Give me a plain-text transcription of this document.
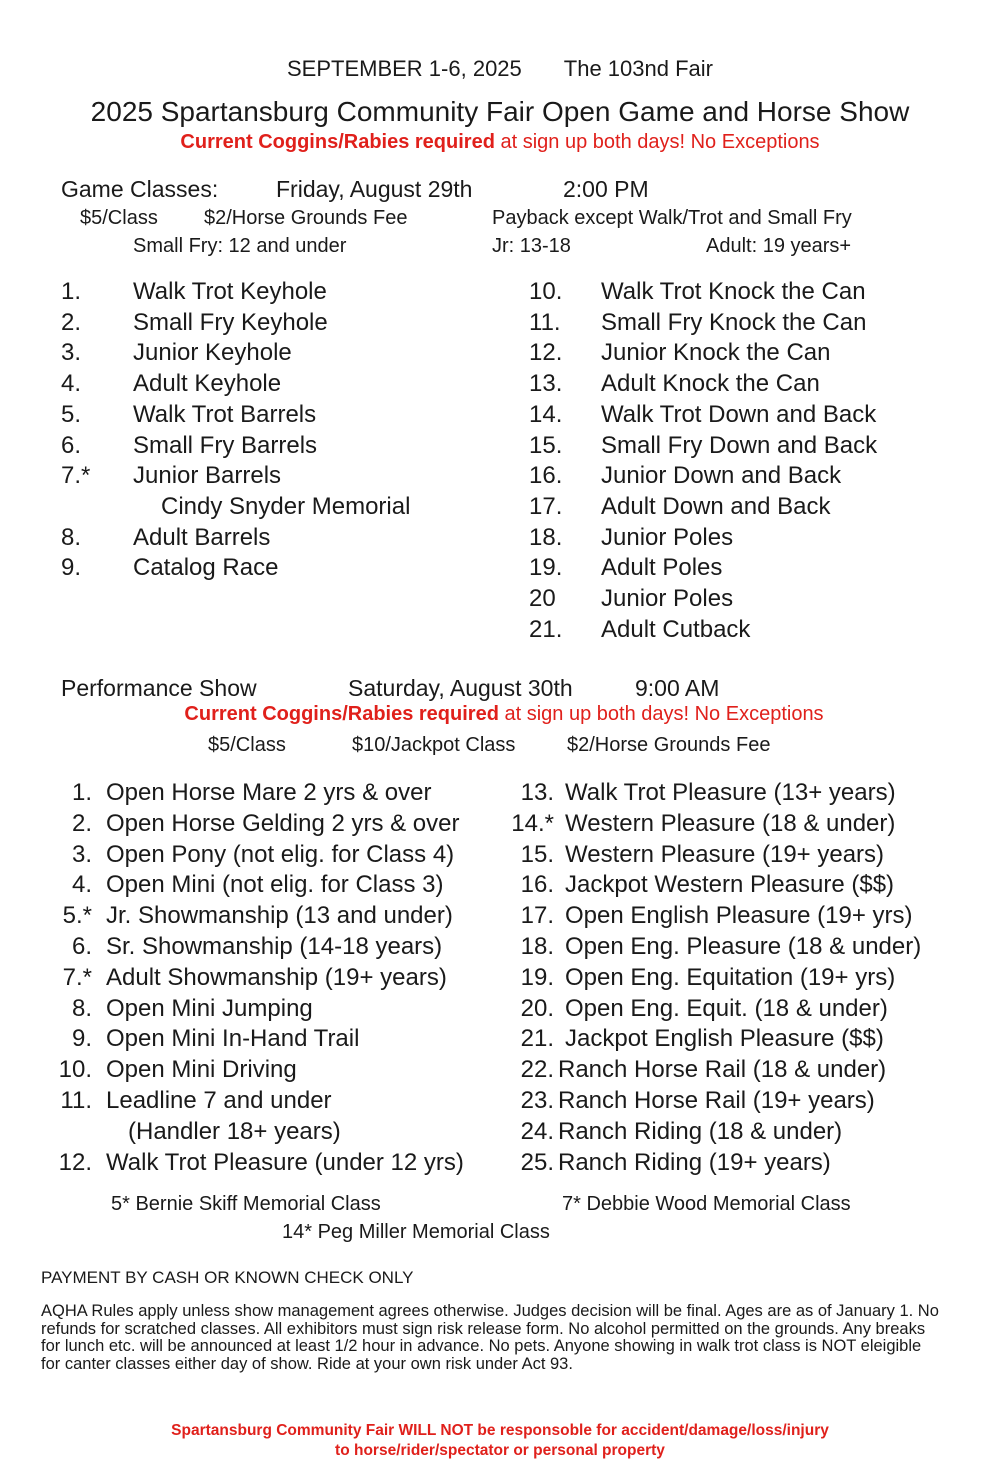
SEPTEMBER 1-6, 2025 The 103nd Fair
2025 Spartansburg Community Fair Open Game and Horse Show
Current Coggins/Rabies required at sign up both days! No Exceptions
Game Classes:	Friday, August 29th	2:00 PM
$5/Class $2/Horse Grounds Fee	Payback except Walk/Trot and Small Fry
Small Fry: 12 and under	Jr: 13-18	Adult: 19 years+
1. Walk Trot Keyhole
2. Small Fry Keyhole
3. Junior Keyhole
4. Adult Keyhole
5. Walk Trot Barrels
6. Small Fry Barrels
7.* Junior Barrels
Cindy Snyder Memorial
8. Adult Barrels
9. Catalog Race
10. Walk Trot Knock the Can
11. Small Fry Knock the Can
12. Junior Knock the Can
13. Adult Knock the Can
14. Walk Trot Down and Back
15. Small Fry Down and Back
16. Junior Down and Back
17. Adult Down and Back
18. Junior Poles
19. Adult Poles
20 Junior Poles
21. Adult Cutback
Performance Show	Saturday, August 30th	9:00 AM
Current Coggins/Rabies required at sign up both days! No Exceptions
$5/Class	$10/Jackpot Class	$2/Horse Grounds Fee
1. Open Horse Mare 2 yrs & over
2. Open Horse Gelding 2 yrs & over
3. Open Pony (not elig. for Class 4)
4. Open Mini (not elig. for Class 3)
5.* Jr. Showmanship (13 and under)
6. Sr. Showmanship (14-18 years)
7.* Adult Showmanship (19+ years)
8. Open Mini Jumping
9. Open Mini In-Hand Trail
10. Open Mini Driving
11. Leadline 7 and under
(Handler 18+ years)
12. Walk Trot Pleasure (under 12 yrs)
13. Walk Trot Pleasure (13+ years)
14.* Western Pleasure (18 & under)
15. Western Pleasure (19+ years)
16. Jackpot Western Pleasure ($$)
17. Open English Pleasure (19+ yrs)
18. Open Eng. Pleasure (18 & under)
19. Open Eng. Equitation (19+ yrs)
20. Open Eng. Equit. (18 & under)
21. Jackpot English Pleasure ($$)
22. Ranch Horse Rail (18 & under)
23. Ranch Horse Rail (19+ years)
24. Ranch Riding (18 & under)
25. Ranch Riding (19+ years)
5* Bernie Skiff Memorial Class	7* Debbie Wood Memorial Class
14* Peg Miller Memorial Class
PAYMENT BY CASH OR KNOWN CHECK ONLY
AQHA Rules apply unless show management agrees otherwise. Judges decision will be final. Ages are as of January 1. No refunds for scratched classes. All exhibitors must sign risk release form. No alcohol permitted on the grounds. Any breaks for lunch etc. will be announced at least 1/2 hour in advance. No pets. Anyone showing in walk trot class is NOT eleigible for canter classes either day of show. Ride at your own risk under Act 93.
Spartansburg Community Fair WILL NOT be responsoble for accident/damage/loss/injury
to horse/rider/spectator or personal property
